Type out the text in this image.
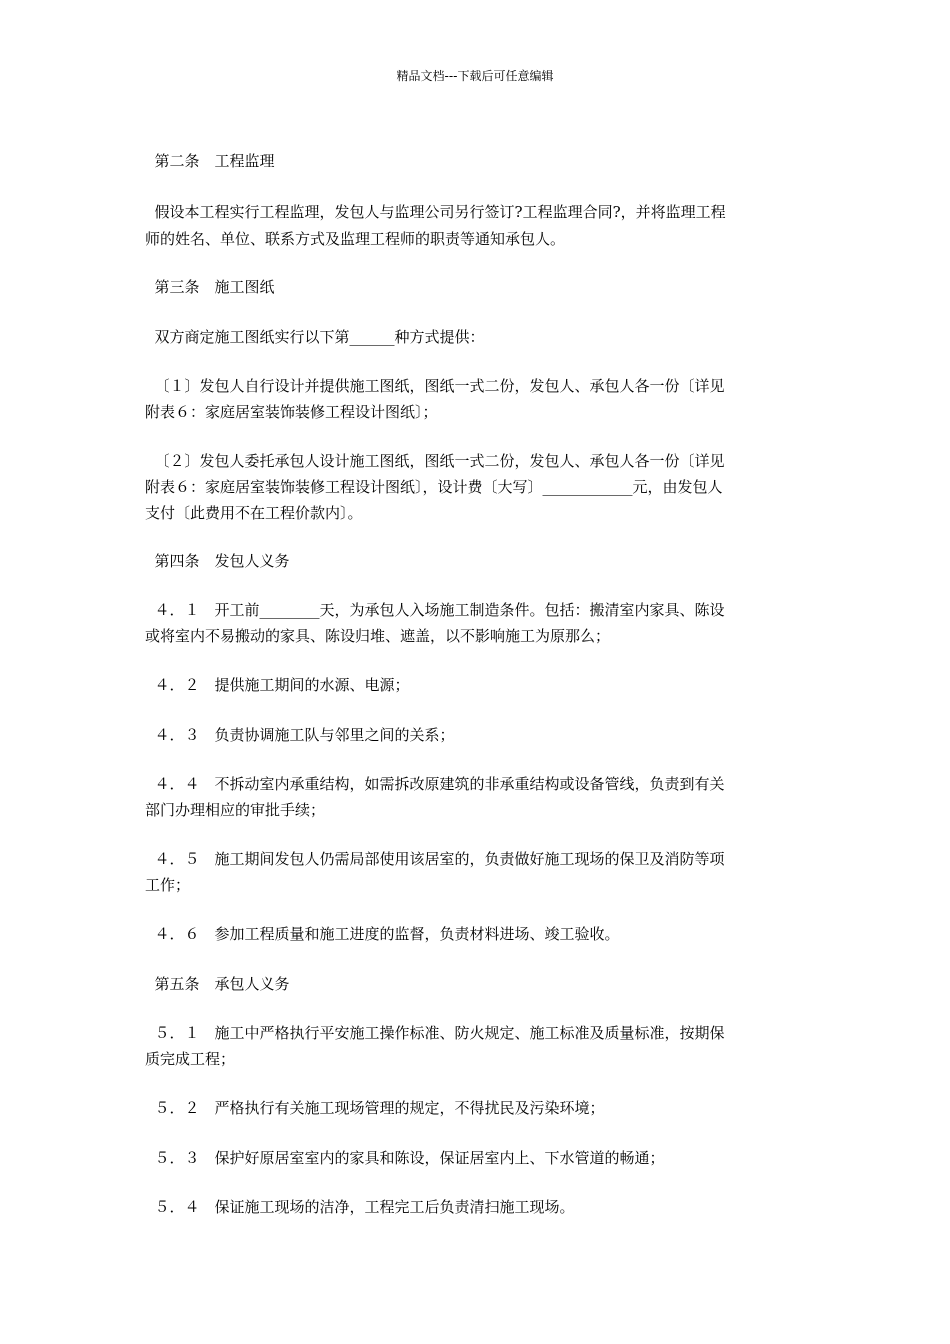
精品文档---下载后可任意编辑
第二条　工程监理
假设本工程实行工程监理，发包人与监理公司另行签订?工程监理合同?，并将监理工程
师的姓名、单位、联系方式及监理工程师的职责等通知承包人。
第三条　施工图纸
双方商定施工图纸实行以下第______种方式提供：
〔１〕发包人自行设计并提供施工图纸，图纸一式二份，发包人、承包人各一份〔详见
附表６：家庭居室装饰装修工程设计图纸〕；
〔２〕发包人委托承包人设计施工图纸，图纸一式二份，发包人、承包人各一份〔详见
附表６：家庭居室装饰装修工程设计图纸〕，设计费〔大写〕____________元，由发包人
支付〔此费用不在工程价款内〕。
第四条　发包人义务
４．１　开工前________天，为承包人入场施工制造条件。包括：搬清室内家具、陈设
或将室内不易搬动的家具、陈设归堆、遮盖，以不影响施工为原那么；
４．２　提供施工期间的水源、电源；
４．３　负责协调施工队与邻里之间的关系；
４．４　不拆动室内承重结构，如需拆改原建筑的非承重结构或设备管线，负责到有关
部门办理相应的审批手续；
４．５　施工期间发包人仍需局部使用该居室的，负责做好施工现场的保卫及消防等项
工作；
４．６　参加工程质量和施工进度的监督，负责材料进场、竣工验收。
第五条　承包人义务
５．１　施工中严格执行平安施工操作标准、防火规定、施工标准及质量标准，按期保
质完成工程；
５．２　严格执行有关施工现场管理的规定，不得扰民及污染环境；
５．３　保护好原居室室内的家具和陈设，保证居室内上、下水管道的畅通；
５．４　保证施工现场的洁净，工程完工后负责清扫施工现场。
